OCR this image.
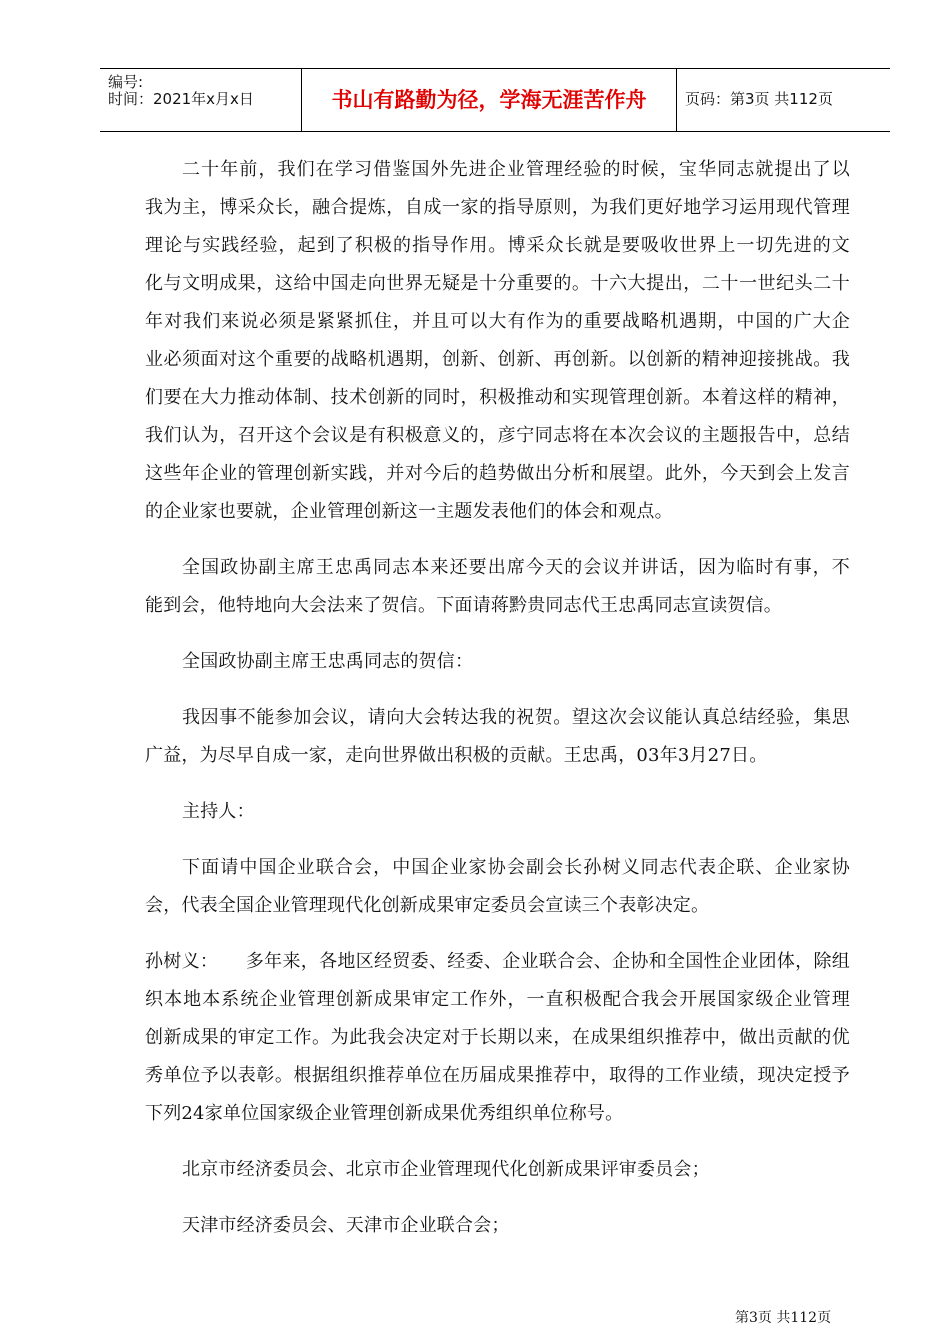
编号:
时间：2021年x月x日	书山有路勤为径，学海无涯苦作舟	页码：第3页 共112页
二十年前，我们在学习借鉴国外先进企业管理经验的时候，宝华同志就提出了以
我为主，博采众长，融合提炼，自成一家的指导原则，为我们更好地学习运用现代管理
理论与实践经验，起到了积极的指导作用。博采众长就是要吸收世界上一切先进的文
化与文明成果，这给中国走向世界无疑是十分重要的。十六大提出，二十一世纪头二十
年对我们来说必须是紧紧抓住，并且可以大有作为的重要战略机遇期，中国的广大企
业必须面对这个重要的战略机遇期，创新、创新、再创新。以创新的精神迎接挑战。我
们要在大力推动体制、技术创新的同时，积极推动和实现管理创新。本着这样的精神，
我们认为，召开这个会议是有积极意义的，彦宁同志将在本次会议的主题报告中，总结
这些年企业的管理创新实践，并对今后的趋势做出分析和展望。此外，今天到会上发言
的企业家也要就，企业管理创新这一主题发表他们的体会和观点。
全国政协副主席王忠禹同志本来还要出席今天的会议并讲话，因为临时有事，不
能到会，他特地向大会法来了贺信。下面请蒋黔贵同志代王忠禹同志宣读贺信。
全国政协副主席王忠禹同志的贺信：
我因事不能参加会议，请向大会转达我的祝贺。望这次会议能认真总结经验，集思
广益，为尽早自成一家，走向世界做出积极的贡献。王忠禹，03年3月27日。
主持人：
下面请中国企业联合会，中国企业家协会副会长孙树义同志代表企联、企业家协
会，代表全国企业管理现代化创新成果审定委员会宣读三个表彰决定。
孙树义：　　多年来，各地区经贸委、经委、企业联合会、企协和全国性企业团体，除组
织本地本系统企业管理创新成果审定工作外，一直积极配合我会开展国家级企业管理
创新成果的审定工作。为此我会决定对于长期以来，在成果组织推荐中，做出贡献的优
秀单位予以表彰。根据组织推荐单位在历届成果推荐中，取得的工作业绩，现决定授予
下列24家单位国家级企业管理创新成果优秀组织单位称号。
北京市经济委员会、北京市企业管理现代化创新成果评审委员会；
天津市经济委员会、天津市企业联合会；
第3页 共112页
